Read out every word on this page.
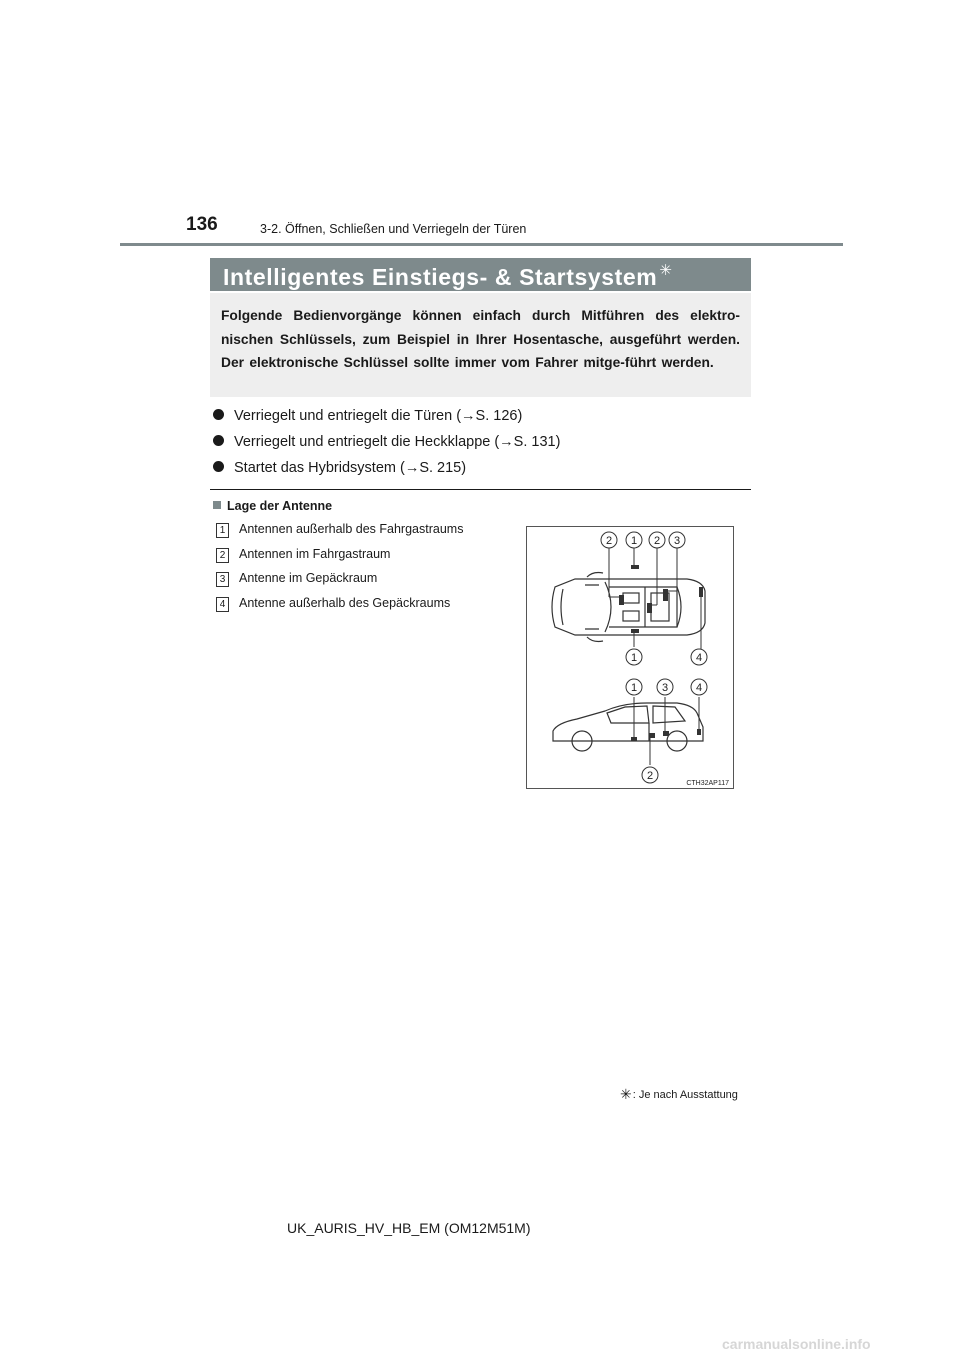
136	3-2. Öffnen, Schließen und Verriegeln der Türen
Intelligentes Einstiegs- & Startsystem ✳
Folgende Bedienvorgänge können einfach durch Mitführen des elektro-nischen Schlüssels, zum Beispiel in Ihrer Hosentasche, ausgeführt werden. Der elektronische Schlüssel sollte immer vom Fahrer mitge-führt werden.
Verriegelt und entriegelt die Türen (→S. 126)
Verriegelt und entriegelt die Heckklappe (→S. 131)
Startet das Hybridsystem (→S. 215)
Lage der Antenne
1 Antennen außerhalb des Fahrgastraums
2 Antennen im Fahrgastraum
3 Antenne im Gepäckraum
4 Antenne außerhalb des Gepäckraums
2 1 2 3
1	4
1 3	4
2
CTH32AP117
✳: Je nach Ausstattung
UK_AURIS_HV_HB_EM (OM12M51M)
carmanualsonline.info
